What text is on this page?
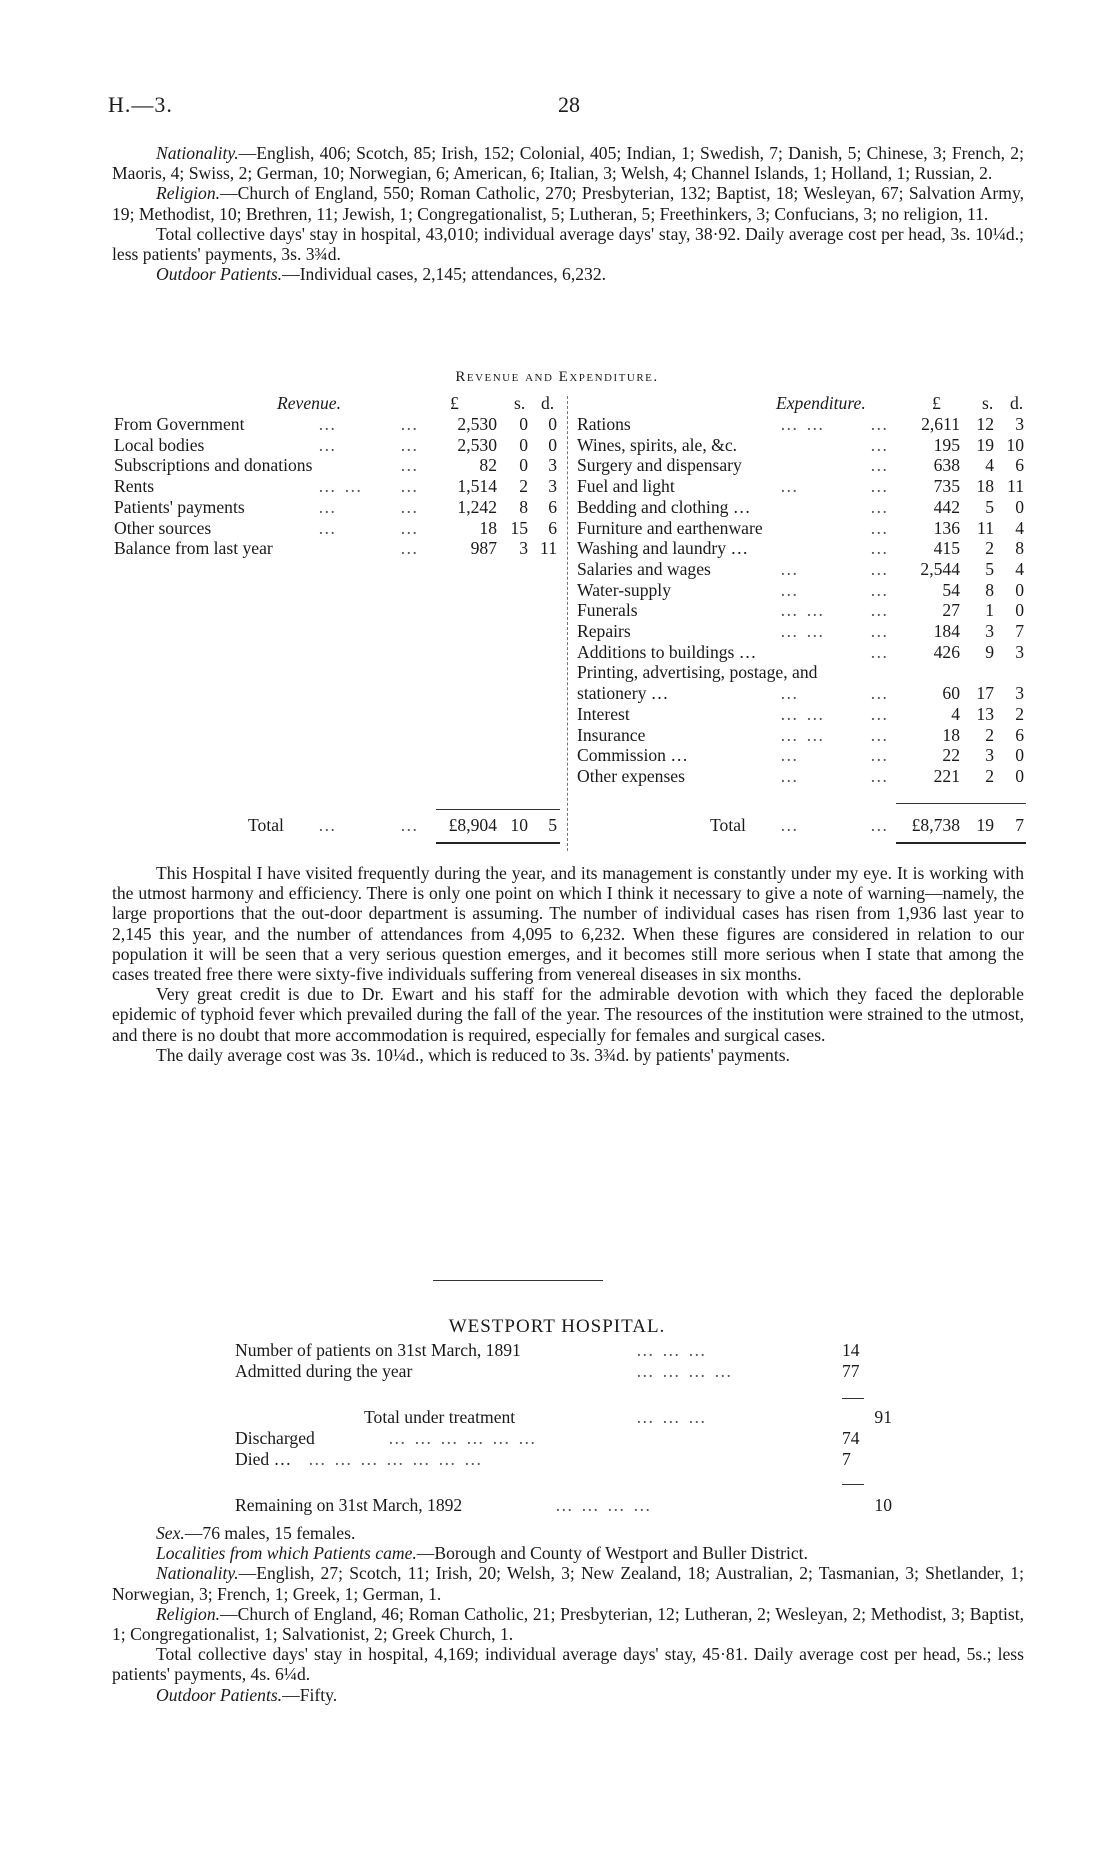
H.—3.	28

Nationality.—English, 406; Scotch, 85; Irish, 152; Colonial, 405; Indian, 1; Swedish, 7; Danish, 5; Chinese, 3; French, 2; Maoris, 4; Swiss, 2; German, 10; Norwegian, 6; American, 6; Italian, 3; Welsh, 4; Channel Islands, 1; Holland, 1; Russian, 2.

Religion.—Church of England, 550; Roman Catholic, 270; Presbyterian, 132; Baptist, 18; Wesleyan, 67; Salvation Army, 19; Methodist, 10; Brethren, 11; Jewish, 1; Congregationalist, 5; Lutheran, 5; Freethinkers, 3; Confucians, 3; no religion, 11.

Total collective days' stay in hospital, 43,010; individual average days' stay, 38·92. Daily average cost per head, 3s. 10¼d.; less patients' payments, 3s. 3¾d.

Outdoor Patients.—Individual cases, 2,145; attendances, 6,232.

Revenue and Expenditure.
Revenue.	£	s. d.	Expenditure.	£ s. d.
From Government	…	… 2,530 0 0
Local bodies	…	… 2,530 0 0
Subscriptions and donations	…	82 0 3
Rents	… … … 1,514 2 3
Patients' payments	…	… 1,242 8 6
Other sources	…	…	18 15 6
Balance from last year	…	987 3 11
Rations	… …	… 2,611 12 3
Wines, spirits, ale, &c.	…	195 19 10
Surgery and dispensary	…	638 4 6
Fuel and light	…	…	735 18 11
Bedding and clothing …	…	442 5 0
Furniture and earthenware	…	136 11 4
Washing and laundry …	…	415 2 8
Salaries and wages	…	… 2,544 5 4
Water-supply	…	…	54 8 0
Funerals	… …	…	27 1 0
Repairs	… …	…	184 3 7
Additions to buildings …	…	426 9 3
Printing, advertising, postage, and
stationery …	…	…	60 17 3
Interest	… …	…	4 13 2
Insurance	… …	…	18 2 6
Commission …	…	…	22 3 0
Other expenses	…	…	221 2 0
Total …	… £8,904 10 5	Total …	… £8,738 19 7

This Hospital I have visited frequently during the year, and its management is constantly under my eye. It is working with the utmost harmony and efficiency. There is only one point on which I think it necessary to give a note of warning—namely, the large proportions that the out-door department is assuming. The number of individual cases has risen from 1,936 last year to 2,145 this year, and the number of attendances from 4,095 to 6,232. When these figures are considered in relation to our population it will be seen that a very serious question emerges, and it becomes still more serious when I state that among the cases treated free there were sixty-five individuals suffering from venereal diseases in six months.

Very great credit is due to Dr. Ewart and his staff for the admirable devotion with which they faced the deplorable epidemic of typhoid fever which prevailed during the fall of the year. The resources of the institution were strained to the utmost, and there is no doubt that more accommodation is required, especially for females and surgical cases.

The daily average cost was 3s. 10¼d., which is reduced to 3s. 3¾d. by patients' payments.

WESTPORT HOSPITAL.
Number of patients on 31st March, 1891	… … …	14
Admitted during the year	… … … …	77
Total under treatment	… … …	91
Discharged	… … … … … …	74
Died … … … … … … … …	7
Remaining on 31st March, 1892	… … … …	10

Sex.—76 males, 15 females.

Localities from which Patients came.—Borough and County of Westport and Buller District.

Nationality.—English, 27; Scotch, 11; Irish, 20; Welsh, 3; New Zealand, 18; Australian, 2; Tasmanian, 3; Shetlander, 1; Norwegian, 3; French, 1; Greek, 1; German, 1.

Religion.—Church of England, 46; Roman Catholic, 21; Presbyterian, 12; Lutheran, 2; Wesleyan, 2; Methodist, 3; Baptist, 1; Congregationalist, 1; Salvationist, 2; Greek Church, 1.

Total collective days' stay in hospital, 4,169; individual average days' stay, 45·81. Daily average cost per head, 5s.; less patients' payments, 4s. 6¼d.

Outdoor Patients.—Fifty.
